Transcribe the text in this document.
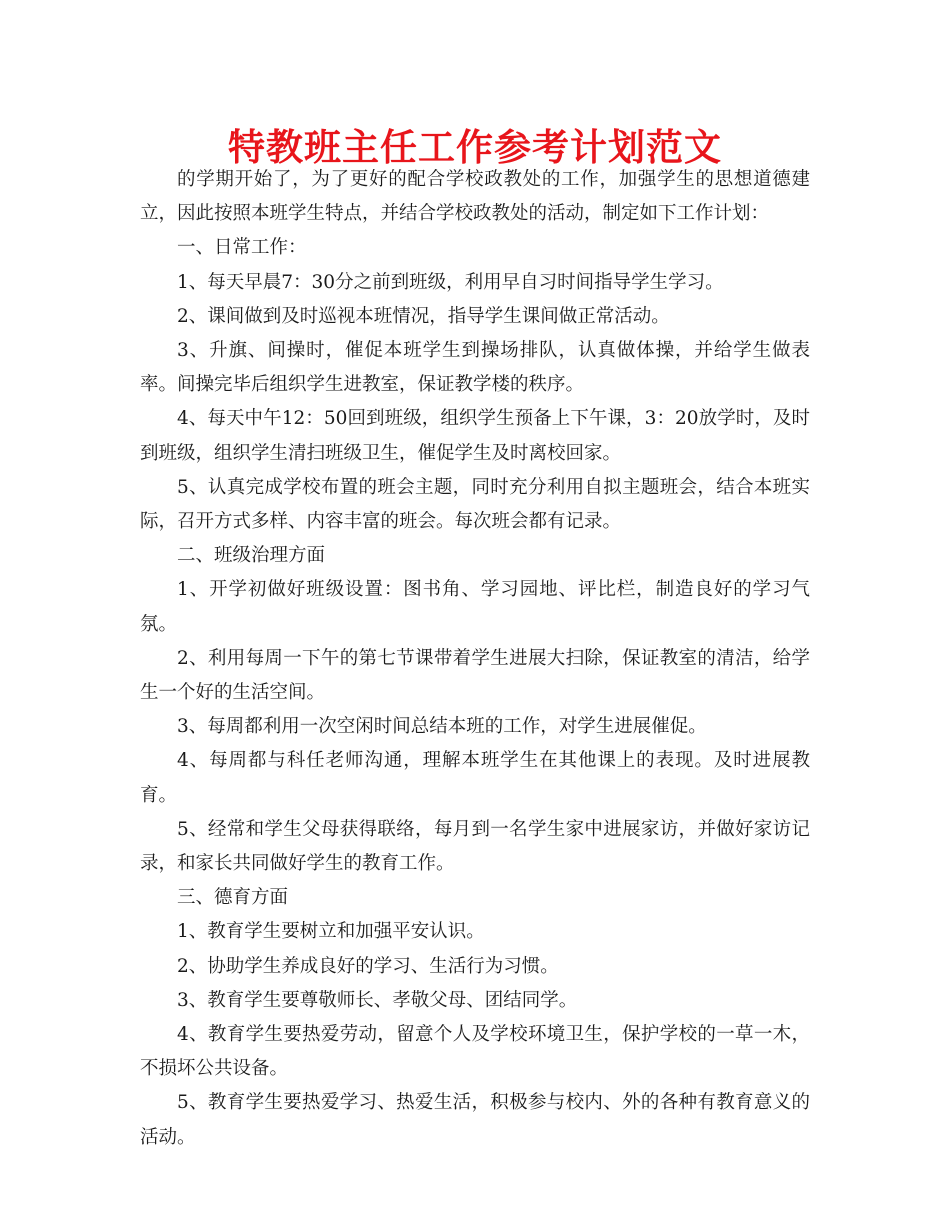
特教班主任工作参考计划范文

的学期开始了，为了更好的配合学校政教处的工作，加强学生的思想道德建立，因此按照本班学生特点，并结合学校政教处的活动，制定如下工作计划：

一、日常工作：

1、每天早晨7：30分之前到班级，利用早自习时间指导学生学习。

2、课间做到及时巡视本班情况，指导学生课间做正常活动。

3、升旗、间操时，催促本班学生到操场排队，认真做体操，并给学生做表率。间操完毕后组织学生进教室，保证教学楼的秩序。

4、每天中午12：50回到班级，组织学生预备上下午课，3：20放学时，及时到班级，组织学生清扫班级卫生，催促学生及时离校回家。

5、认真完成学校布置的班会主题，同时充分利用自拟主题班会，结合本班实际，召开方式多样、内容丰富的班会。每次班会都有记录。

二、班级治理方面

1、开学初做好班级设置：图书角、学习园地、评比栏，制造良好的学习气氛。

2、利用每周一下午的第七节课带着学生进展大扫除，保证教室的清洁，给学生一个好的生活空间。

3、每周都利用一次空闲时间总结本班的工作，对学生进展催促。

4、每周都与科任老师沟通，理解本班学生在其他课上的表现。及时进展教育。

5、经常和学生父母获得联络，每月到一名学生家中进展家访，并做好家访记录，和家长共同做好学生的教育工作。

三、德育方面

1、教育学生要树立和加强平安认识。

2、协助学生养成良好的学习、生活行为习惯。

3、教育学生要尊敬师长、孝敬父母、团结同学。

4、教育学生要热爱劳动，留意个人及学校环境卫生，保护学校的一草一木，不损坏公共设备。

5、教育学生要热爱学习、热爱生活，积极参与校内、外的各种有教育意义的活动。
